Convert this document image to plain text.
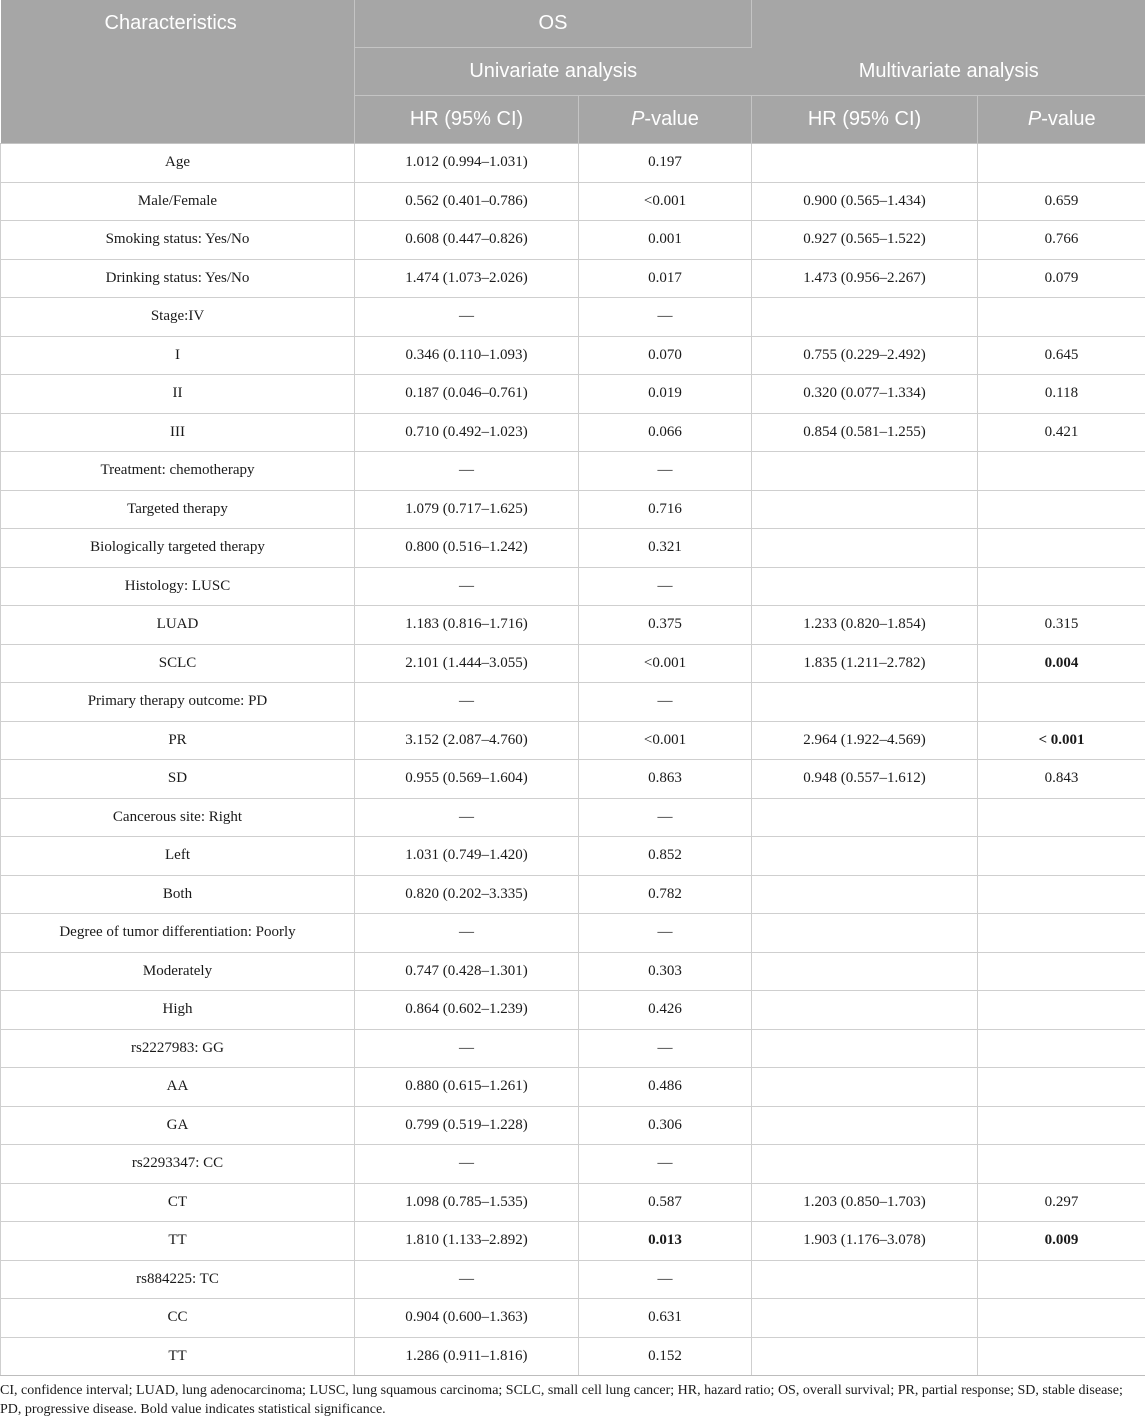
Characteristics	OS		Multivariate analysis	
	Univariate analysis			
	HR (95% CI)	P-value	HR (95% CI)	P-value
Age	1.012 (0.994–1.031)	0.197		
Male/Female	0.562 (0.401–0.786)	<0.001	0.900 (0.565–1.434)	0.659
Smoking status: Yes/No	0.608 (0.447–0.826)	0.001	0.927 (0.565–1.522)	0.766
Drinking status: Yes/No	1.474 (1.073–2.026)	0.017	1.473 (0.956–2.267)	0.079
Stage:IV	—	—		
I	0.346 (0.110–1.093)	0.070	0.755 (0.229–2.492)	0.645
II	0.187 (0.046–0.761)	0.019	0.320 (0.077–1.334)	0.118
III	0.710 (0.492–1.023)	0.066	0.854 (0.581–1.255)	0.421
Treatment: chemotherapy	—	—		
Targeted therapy	1.079 (0.717–1.625)	0.716		
Biologically targeted therapy	0.800 (0.516–1.242)	0.321		
Histology: LUSC	—	—		
LUAD	1.183 (0.816–1.716)	0.375	1.233 (0.820–1.854)	0.315
SCLC	2.101 (1.444–3.055)	<0.001	1.835 (1.211–2.782)	0.004
Primary therapy outcome: PD	—	—		
PR	3.152 (2.087–4.760)	<0.001	2.964 (1.922–4.569)	< 0.001
SD	0.955 (0.569–1.604)	0.863	0.948 (0.557–1.612)	0.843
Cancerous site: Right	—	—		
Left	1.031 (0.749–1.420)	0.852		
Both	0.820 (0.202–3.335)	0.782		
Degree of tumor differentiation: Poorly	—	—		
Moderately	0.747 (0.428–1.301)	0.303		
High	0.864 (0.602–1.239)	0.426		
rs2227983: GG	—	—		
AA	0.880 (0.615–1.261)	0.486		
GA	0.799 (0.519–1.228)	0.306		
rs2293347: CC	—	—		
CT	1.098 (0.785–1.535)	0.587	1.203 (0.850–1.703)	0.297
TT	1.810 (1.133–2.892)	0.013	1.903 (1.176–3.078)	0.009
rs884225: TC	—	—		
CC	0.904 (0.600–1.363)	0.631		
TT	1.286 (0.911–1.816)	0.152		
CI, confidence interval; LUAD, lung adenocarcinoma; LUSC, lung squamous carcinoma; SCLC, small cell lung cancer; HR, hazard ratio; OS, overall survival; PR, partial response; SD, stable disease; PD, progressive disease. Bold value indicates statistical significance.
